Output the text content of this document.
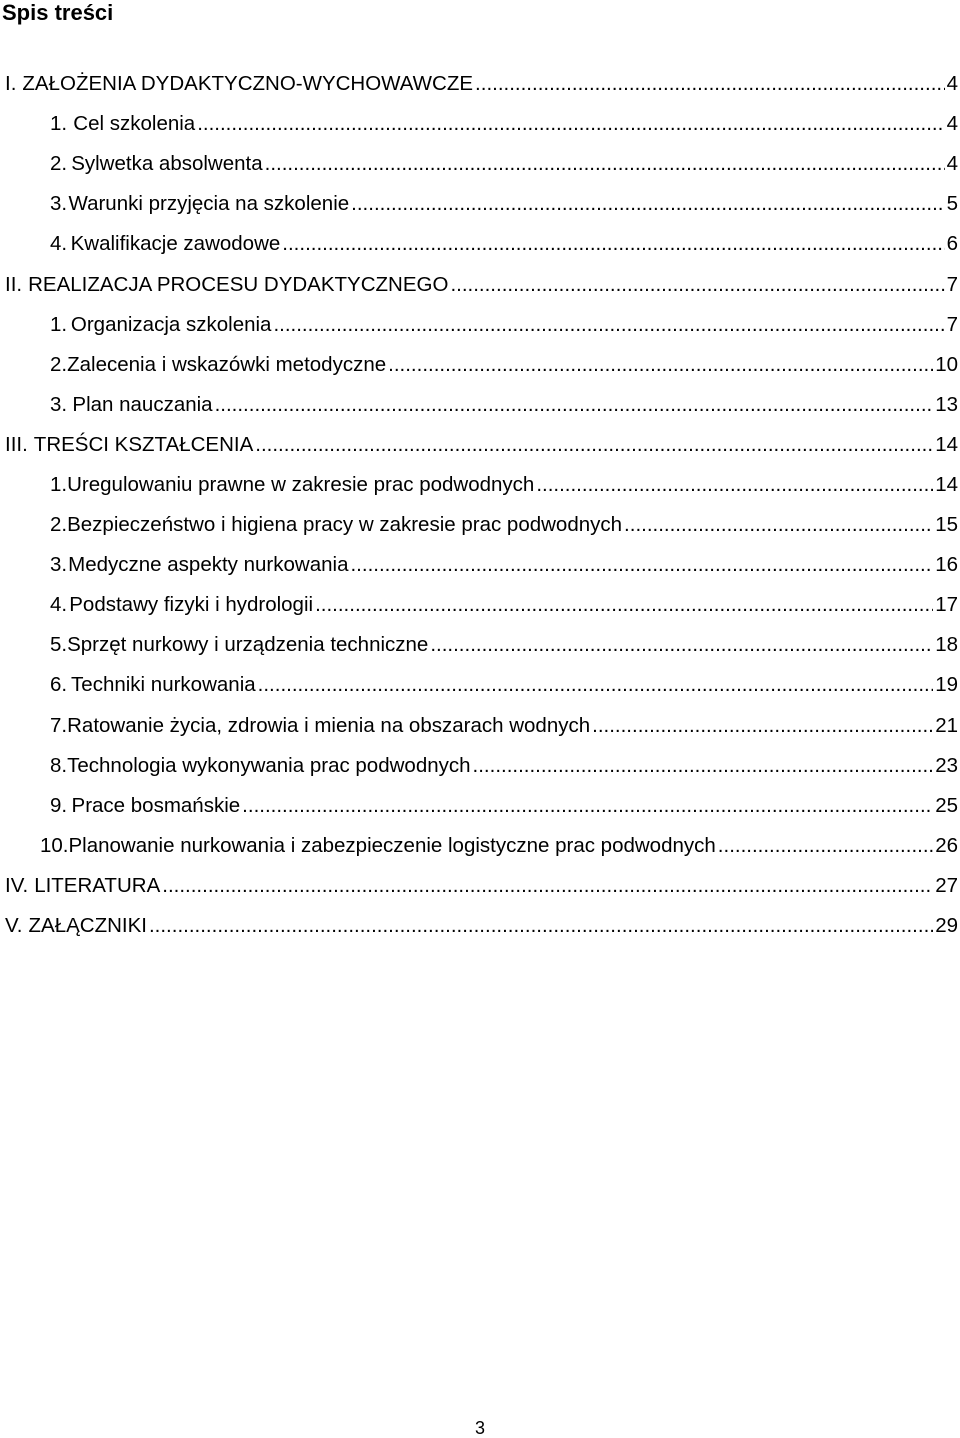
Spis treści
I. ZAŁOŻENIA DYDAKTYCZNO-WYCHOWAWCZE .....	4
1. Cel szkolenia .....	4
2. Sylwetka absolwenta .....	4
3. Warunki przyjęcia na szkolenie .....	5
4. Kwalifikacje zawodowe .....	6
II. REALIZACJA PROCESU DYDAKTYCZNEGO .....	7
1. Organizacja szkolenia .....	7
2. Zalecenia i wskazówki metodyczne .....	10
3. Plan nauczania .....	13
III. TREŚCI KSZTAŁCENIA .....	14
1. Uregulowaniu prawne w zakresie prac podwodnych .....	14
2. Bezpieczeństwo i higiena pracy w zakresie prac podwodnych .....	15
3. Medyczne aspekty nurkowania .....	16
4. Podstawy fizyki i hydrologii .....	17
5. Sprzęt nurkowy i urządzenia techniczne .....	18
6. Techniki nurkowania .....	19
7. Ratowanie życia, zdrowia i mienia na obszarach wodnych .....	21
8. Technologia wykonywania prac podwodnych .....	23
9. Prace bosmańskie .....	25
10. Planowanie nurkowania i zabezpieczenie logistyczne prac podwodnych .....	26
IV. LITERATURA .....	27
V. ZAŁĄCZNIKI .....	29
3
